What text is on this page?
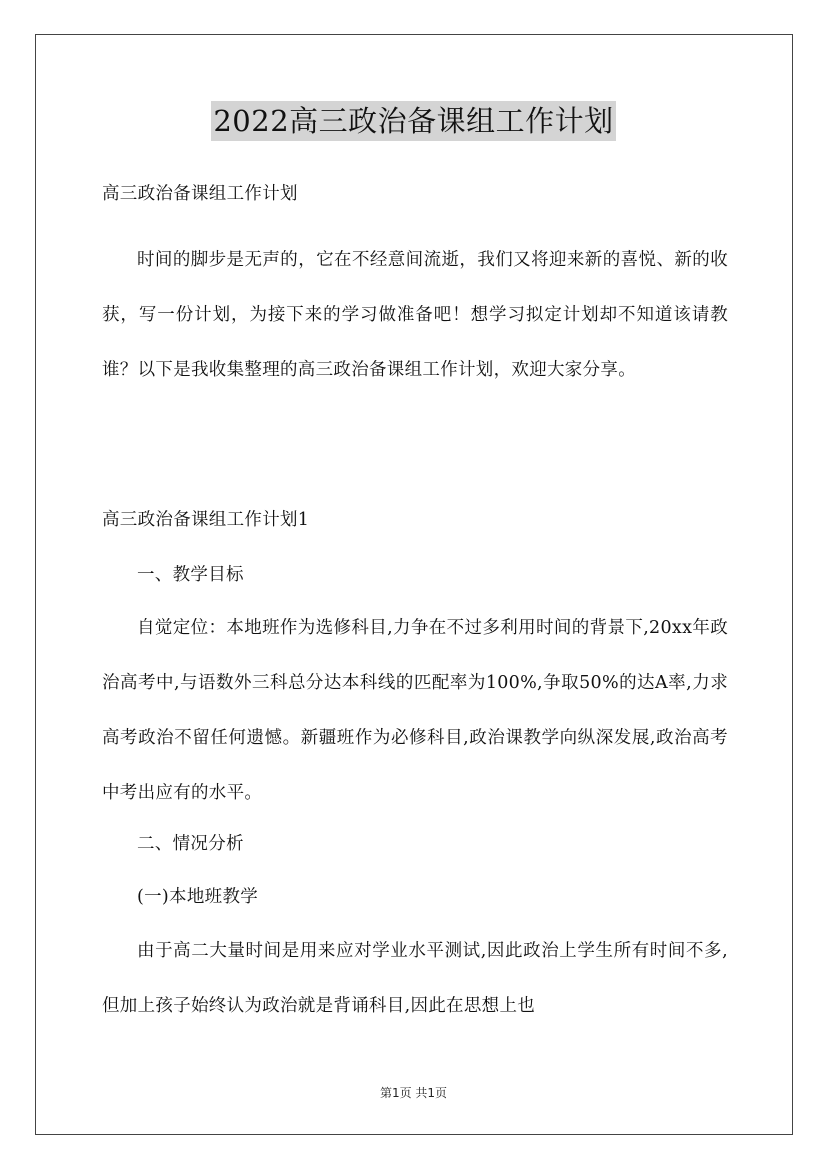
2022高三政治备课组工作计划
高三政治备课组工作计划
时间的脚步是无声的，它在不经意间流逝，我们又将迎来新的喜悦、新的收获，写一份计划，为接下来的学习做准备吧！想学习拟定计划却不知道该请教谁？以下是我收集整理的高三政治备课组工作计划，欢迎大家分享。
高三政治备课组工作计划1
一、教学目标
自觉定位：本地班作为选修科目,力争在不过多利用时间的背景下,20xx年政治高考中,与语数外三科总分达本科线的匹配率为100%,争取50%的达A率,力求高考政治不留任何遗憾。新疆班作为必修科目,政治课教学向纵深发展,政治高考中考出应有的水平。
二、情况分析
(一)本地班教学
由于高二大量时间是用来应对学业水平测试,因此政治上学生所有时间不多,但加上孩子始终认为政治就是背诵科目,因此在思想上也
第1页 共1页
